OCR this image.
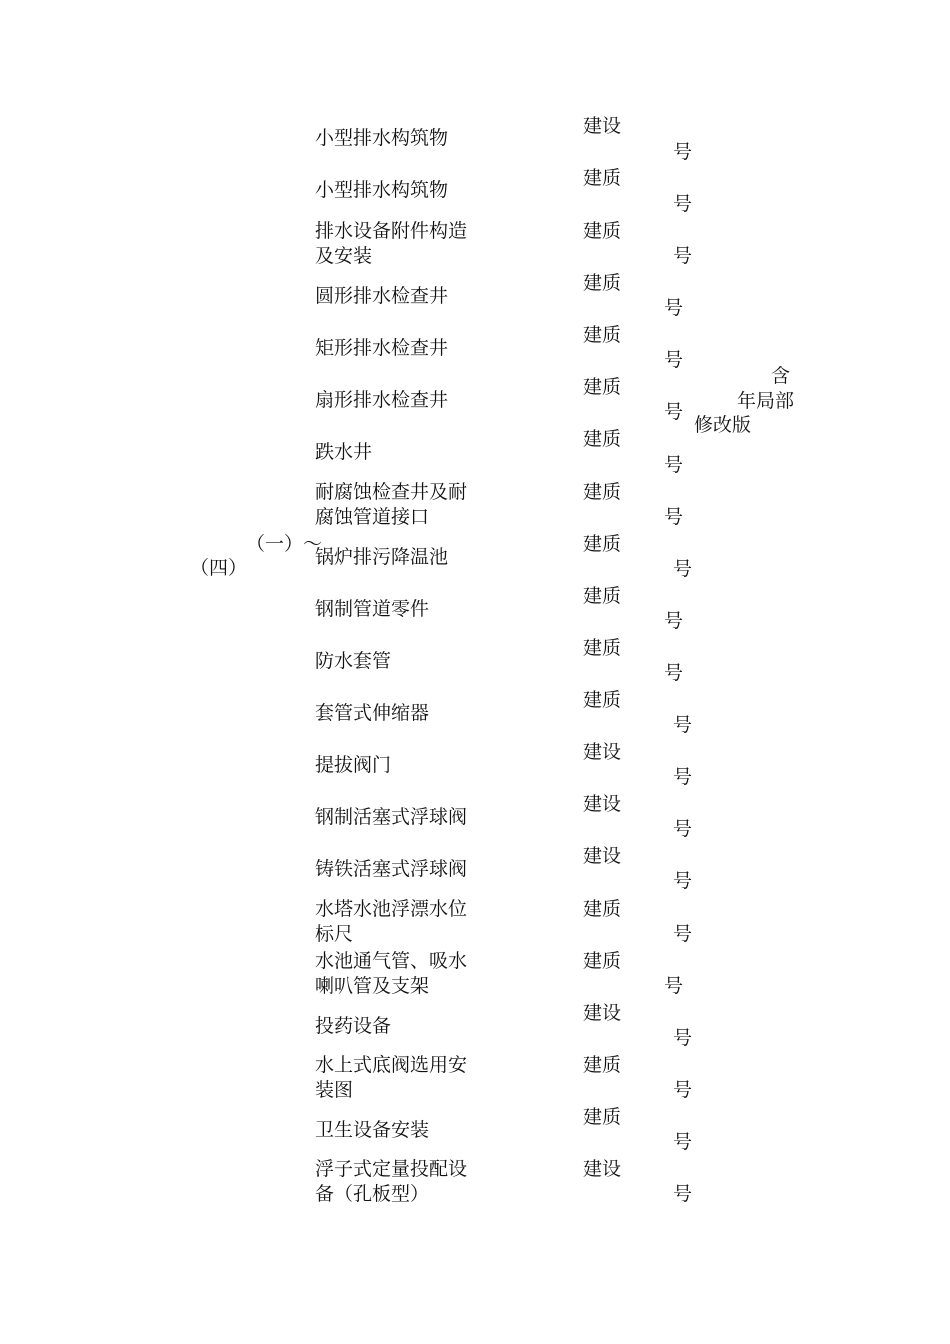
（四）
（一）～
含
年局部
修改版
小型排水构筑物
建设
号
小型排水构筑物
建质
号
排水设备附件构造
及安装
建质
号
圆形排水检查井
建质
号
矩形排水检查井
建质
号
扇形排水检查井
建质
号
跌水井
建质
号
耐腐蚀检查井及耐
腐蚀管道接口
建质
号
锅炉排污降温池
建质
号
钢制管道零件
建质
号
防水套管
建质
号
套管式伸缩器
建质
号
提拔阀门
建设
号
钢制活塞式浮球阀
建设
号
铸铁活塞式浮球阀
建设
号
水塔水池浮漂水位
标尺
建质
号
水池通气管、吸水
喇叭管及支架
建质
号
投药设备
建设
号
水上式底阀选用安
装图
建质
号
卫生设备安装
建质
号
浮子式定量投配设
备（孔板型）
建设
号
